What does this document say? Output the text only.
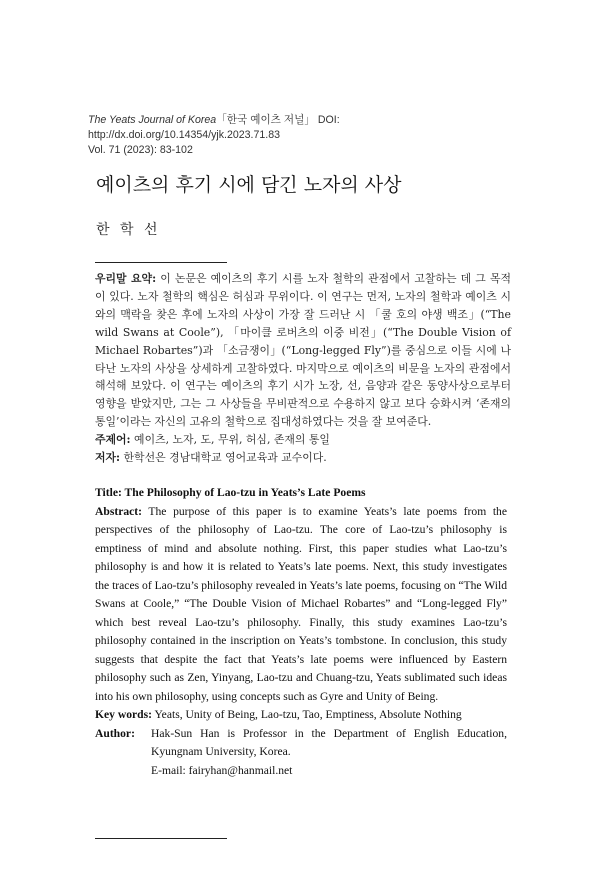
The Yeats Journal of Korea「한국 예이츠 저널」 DOI: http://dx.doi.org/10.14354/yjk.2023.71.83
Vol. 71 (2023): 83-102
예이츠의 후기 시에 담긴 노자의 사상
한 학 선

우리말 요약: 이 논문은 예이츠의 후기 시를 노자 철학의 관점에서 고찰하는 데 그 목적이 있다. 노자 철학의 핵심은 허심과 무위이다. 이 연구는 먼저, 노자의 철학과 예이츠 시와의 맥락을 찾은 후에 노자의 사상이 가장 잘 드러난 시 「쿨 호의 야생 백조」(“The wild Swans at Coole”), 「마이클 로버츠의 이중 비전」(“The Double Vision of Michael Robartes”)과 「소금쟁이」(“Long-legged Fly”)를 중심으로 이들 시에 나타난 노자의 사상을 상세하게 고찰하였다. 마지막으로 예이츠의 비문을 노자의 관점에서 해석해 보았다. 이 연구는 예이츠의 후기 시가 노장, 선, 음양과 같은 동양사상으로부터 영향을 받았지만, 그는 그 사상들을 무비판적으로 수용하지 않고 보다 승화시켜 ‘존재의 통일’이라는 자신의 고유의 철학으로 집대성하였다는 것을 잘 보여준다.

주제어: 예이츠, 노자, 도, 무위, 허심, 존재의 통일

저자: 한학선은 경남대학교 영어교육과 교수이다.

Title: The Philosophy of Lao-tzu in Yeats’s Late Poems

Abstract: The purpose of this paper is to examine Yeats’s late poems from the perspectives of the philosophy of Lao-tzu. The core of Lao-tzu’s philosophy is emptiness of mind and absolute nothing. First, this paper studies what Lao-tzu’s philosophy is and how it is related to Yeats’s late poems. Next, this study investigates the traces of Lao-tzu’s philosophy revealed in Yeats’s late poems, focusing on “The Wild Swans at Coole,” “The Double Vision of Michael Robartes” and “Long-legged Fly” which best reveal Lao-tzu’s philosophy. Finally, this study examines Lao-tzu’s philosophy contained in the inscription on Yeats’s tombstone. In conclusion, this study suggests that despite the fact that Yeats’s late poems were influenced by Eastern philosophy such as Zen, Yinyang, Lao-tzu and Chuang-tzu, Yeats sublimated such ideas into his own philosophy, using concepts such as Gyre and Unity of Being.

Key words: Yeats, Unity of Being, Lao-tzu, Tao, Emptiness, Absolute Nothing

Author: Hak-Sun Han is Professor in the Department of English Education, Kyungnam University, Korea.
E-mail: fairyhan@hanmail.net
